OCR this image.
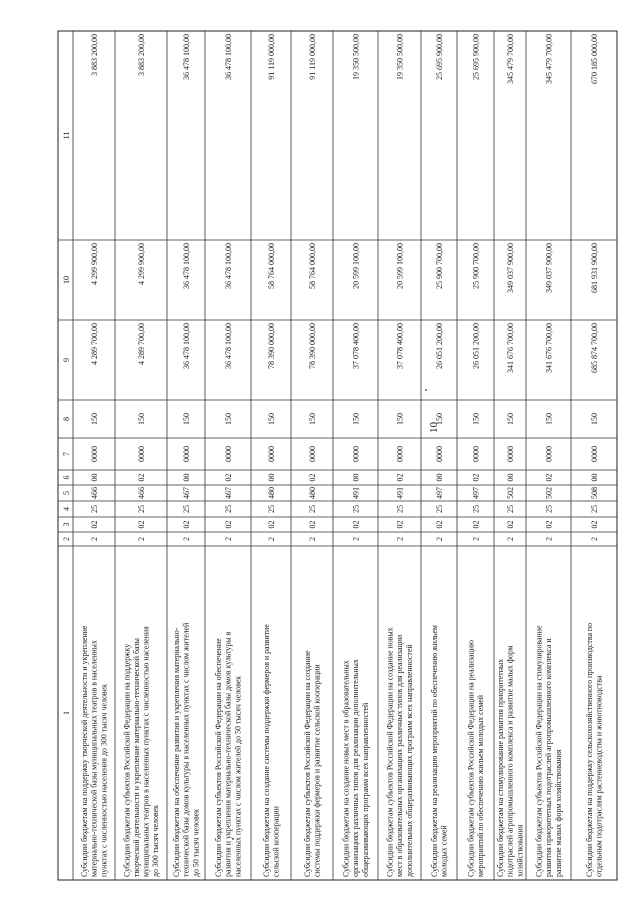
10
1
2
3
4
5
6
7
8
9
10
11
Субсидии бюджетам на поддержку творческой деятельности и укрепление материально-технической базы муниципальных театров в населенных пунктах с численностью населения до 300 тысяч человек
2
02
25
466
00
0000
150
4 289 700,00
4 299 900,00
3 883 200,00
Субсидии бюджетам субъектов Российской Федерации на поддержку творческой деятельности и укрепление материально-технической базы муниципальных театров в населенных пунктах с численностью населения до 300 тысяч человек
2
02
25
466
02
0000
150
4 289 700,00
4 299 900,00
3 883 200,00
Субсидии бюджетам на обеспечение развития и укрепления материально- технической базы домов культуры в населенных пунктах с числом жителей до 50 тысяч человек
2
02
25
467
00
0000
150
36 478 100,00
36 478 100,00
36 478 100,00
Субсидии бюджетам субъектов Российской Федерации на обеспечение развития и укрепления материально-технической базы домов культуры в населенных пунктах с числом жителей до 50 тысяч человек
2
02
25
467
02
0000
150
36 478 100,00
36 478 100,00
36 478 100,00
Субсидии бюджетам на создание системы поддержки фермеров и развитие сельской кооперации
2
02
25
480
00
0000
150
78 390 000,00
58 764 000,00
91 119 000,00
Субсидии бюджетам субъектов Российской Федерации на создание системы поддержки фермеров и развитие сельской кооперации
2
02
25
480
02
0000
150
78 390 000,00
58 764 000,00
91 119 000,00
Субсидии бюджетам на создание новых мест в образовательных организациях различных типов для реализации дополнительных общеразвивающих программ всех направленностей
2
02
25
491
00
0000
150
37 078 400,00
20 599 100,00
19 350 500,00
Субсидии бюджетам субъектов Российской Федерации на создание новых мест в образовательных организациях различных типов для реализации дополнительных общеразвивающих программ всех направленностей
2
02
25
491
02
0000
150
37 078 400,00
20 599 100,00
19 350 500,00
Субсидии бюджетам на реализацию мероприятий по обеспечению жильем молодых семей
2
02
25
497
00
0000
150
26 051 200,00
25 900 700,00
25 695 900,00
Субсидии бюджетам субъектов Российской Федерации на реализацию мероприятий по обеспечению жильем молодых семей
2
02
25
497
02
0000
150
26 051 200,00
25 900 700,00
25 695 900,00
Субсидии бюджетам на стимулирование развития приоритетных подотраслей агропромышленного комплекса и развитие малых форм хозяйствования
2
02
25
502
00
0000
150
341 676 700,00
349 037 900,00
345 479 700,00
Субсидии бюджетам субъектов Российской Федерации на стимулирование развития приоритетных подотраслей агропромышленного комплекса и развитие малых форм хозяйствования
2
02
25
502
02
0000
150
341 676 700,00
349 037 900,00
345 479 700,00
Субсидии бюджетам на поддержку сельскохозяйственного производства по отдельным подотраслям растениеводства и животноводства
2
02
25
508
00
0000
150
685 874 700,00
681 931 900,00
670 185 000,00
